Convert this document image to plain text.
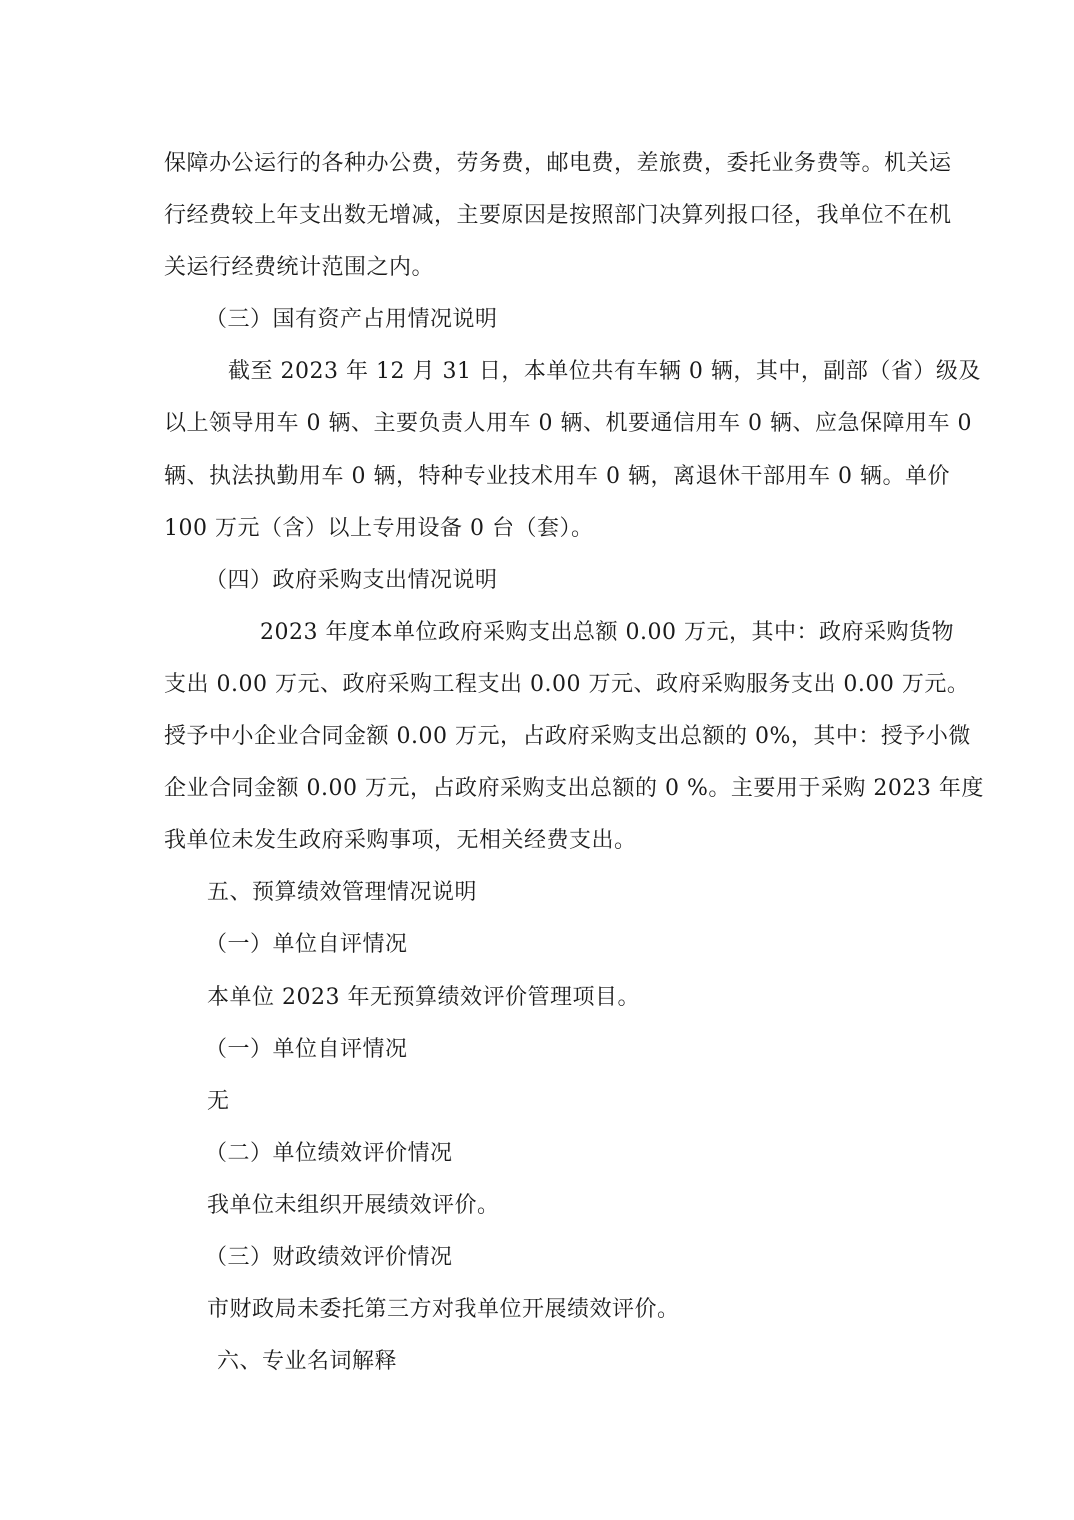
保障办公运行的各种办公费，劳务费，邮电费，差旅费，委托业务费等。机关运
行经费较上年支出数无增减，主要原因是按照部门决算列报口径，我单位不在机
关运行经费统计范围之内。
（三）国有资产占用情况说明
截至 2023 年 12 月 31 日，本单位共有车辆 0 辆，其中，副部（省）级及
以上领导用车 0 辆、主要负责人用车 0 辆、机要通信用车 0 辆、应急保障用车 0
辆、执法执勤用车 0 辆，特种专业技术用车 0 辆，离退休干部用车 0 辆。单价
100 万元（含）以上专用设备 0 台（套）。
（四）政府采购支出情况说明
2023 年度本单位政府采购支出总额 0.00 万元，其中：政府采购货物
支出 0.00 万元、政府采购工程支出 0.00 万元、政府采购服务支出 0.00 万元。
授予中小企业合同金额 0.00 万元，占政府采购支出总额的 0%，其中：授予小微
企业合同金额 0.00 万元，占政府采购支出总额的 0 %。主要用于采购 2023 年度
我单位未发生政府采购事项，无相关经费支出。
五、预算绩效管理情况说明
（一）单位自评情况
本单位 2023 年无预算绩效评价管理项目。
（一）单位自评情况
无
（二）单位绩效评价情况
我单位未组织开展绩效评价。
（三）财政绩效评价情况
市财政局未委托第三方对我单位开展绩效评价。
六、专业名词解释
